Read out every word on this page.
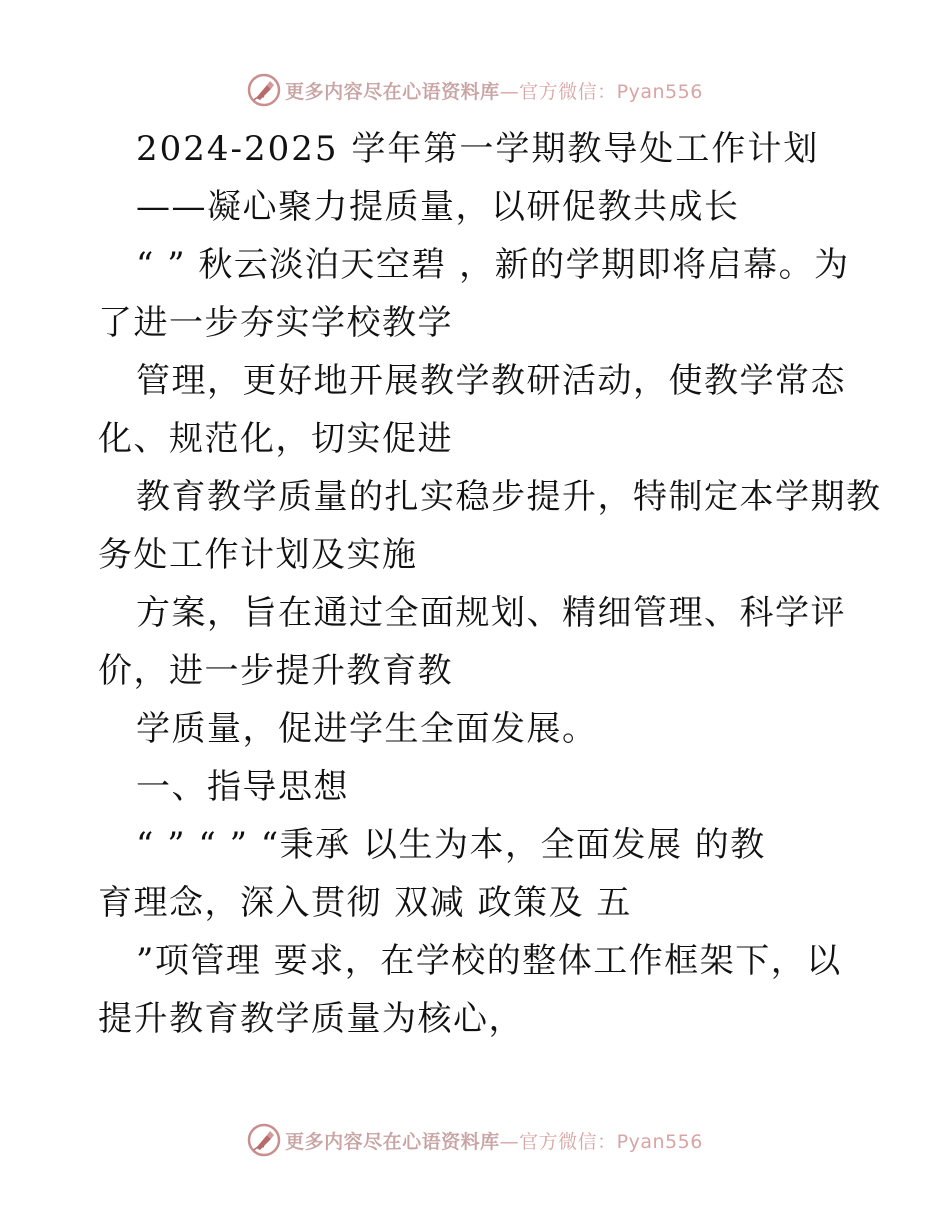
更多内容尽在心语资料库—官方微信：Pyan556
2024-2025 学年第一学期教导处工作计划
——凝心聚力提质量，以研促教共成长
“ ” 秋云淡泊天空碧 ，新的学期即将启幕。为
了进一步夯实学校教学
管理，更好地开展教学教研活动，使教学常态
化、规范化，切实促进
教育教学质量的扎实稳步提升，特制定本学期教
务处工作计划及实施
方案，旨在通过全面规划、精细管理、科学评
价，进一步提升教育教
学质量，促进学生全面发展。
一、指导思想
“ ” “ ” “秉承 以生为本，全面发展 的教
育理念，深入贯彻 双减 政策及 五
”项管理 要求，在学校的整体工作框架下，以
提升教育教学质量为核心，
更多内容尽在心语资料库—官方微信：Pyan556
